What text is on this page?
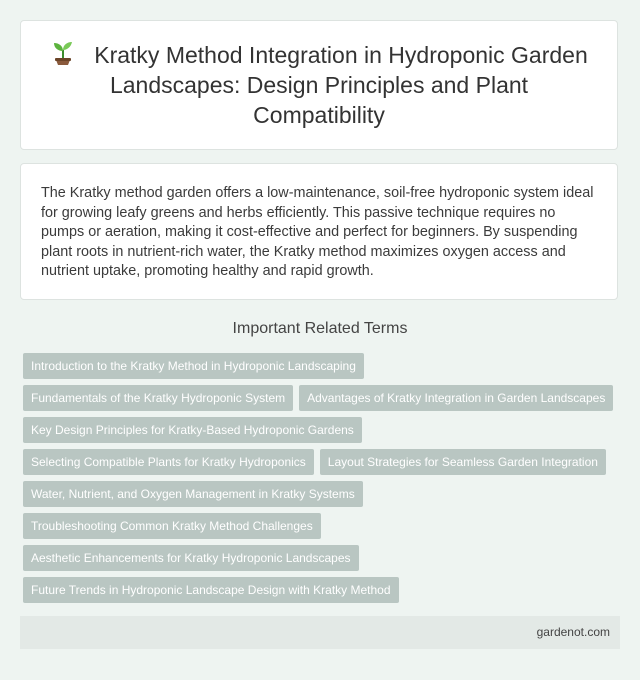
Kratky Method Integration in Hydroponic Garden Landscapes: Design Principles and Plant Compatibility

The Kratky method garden offers a low-maintenance, soil-free hydroponic system ideal for growing leafy greens and herbs efficiently. This passive technique requires no pumps or aeration, making it cost-effective and perfect for beginners. By suspending plant roots in nutrient-rich water, the Kratky method maximizes oxygen access and nutrient uptake, promoting healthy and rapid growth.

Important Related Terms
Introduction to the Kratky Method in Hydroponic Landscaping
Fundamentals of the Kratky Hydroponic System	Advantages of Kratky Integration in Garden Landscapes
Key Design Principles for Kratky-Based Hydroponic Gardens
Selecting Compatible Plants for Kratky Hydroponics	Layout Strategies for Seamless Garden Integration
Water, Nutrient, and Oxygen Management in Kratky Systems
Troubleshooting Common Kratky Method Challenges
Aesthetic Enhancements for Kratky Hydroponic Landscapes
Future Trends in Hydroponic Landscape Design with Kratky Method
gardenot.com
